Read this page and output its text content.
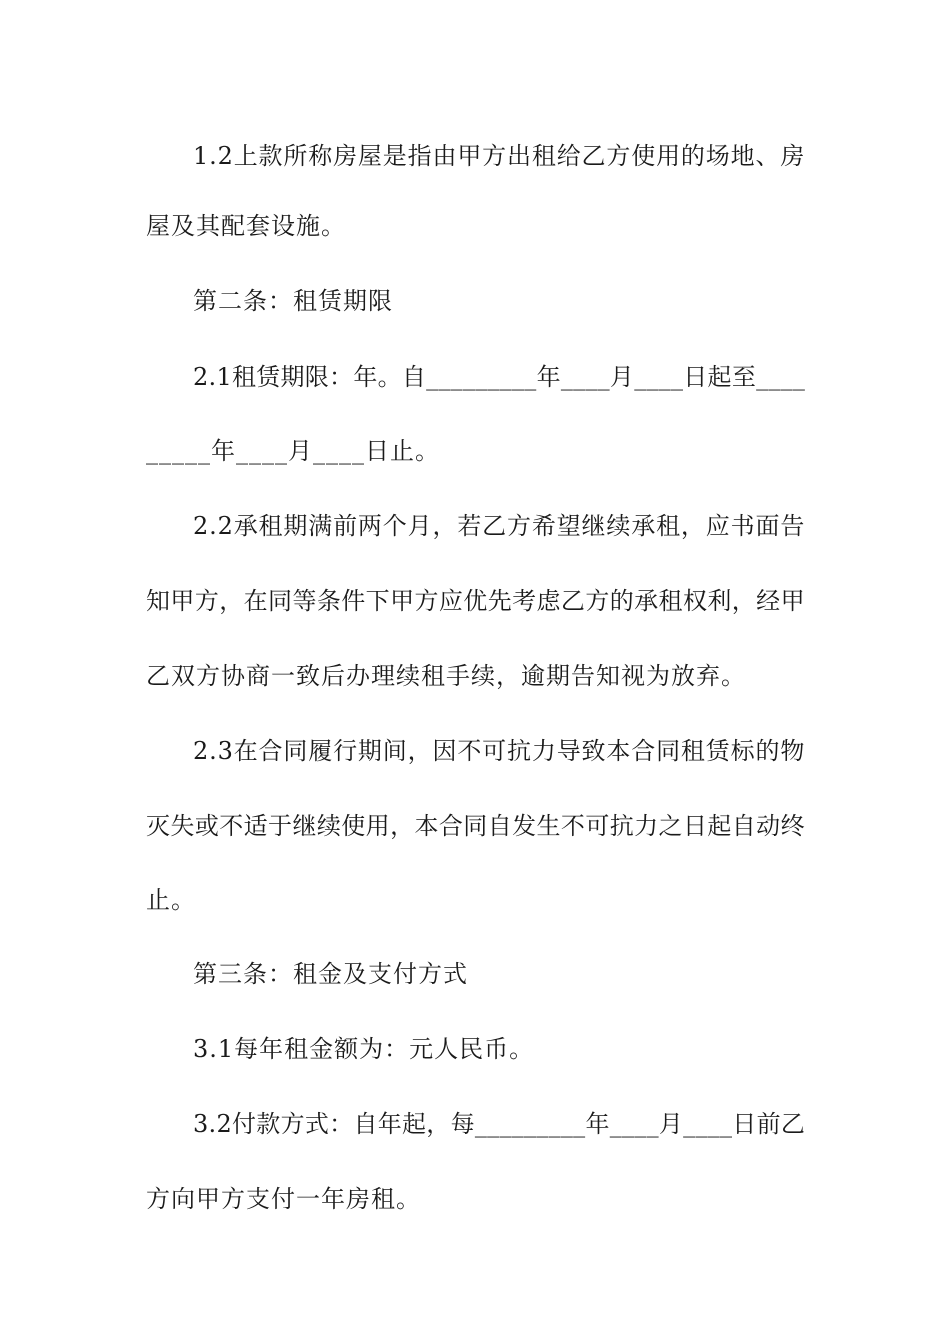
1.2上款所称房屋是指由甲方出租给乙方使用的场地、房
屋及其配套设施。
第二条：租赁期限
2.1租赁期限：年。自_________年____月____日起至____
_____年____月____日止。
2.2承租期满前两个月，若乙方希望继续承租，应书面告
知甲方，在同等条件下甲方应优先考虑乙方的承租权利，经甲
乙双方协商一致后办理续租手续，逾期告知视为放弃。
2.3在合同履行期间，因不可抗力导致本合同租赁标的物
灭失或不适于继续使用，本合同自发生不可抗力之日起自动终
止。
第三条：租金及支付方式
3.1每年租金额为：元人民币。
3.2付款方式：自年起，每_________年____月____日前乙
方向甲方支付一年房租。
